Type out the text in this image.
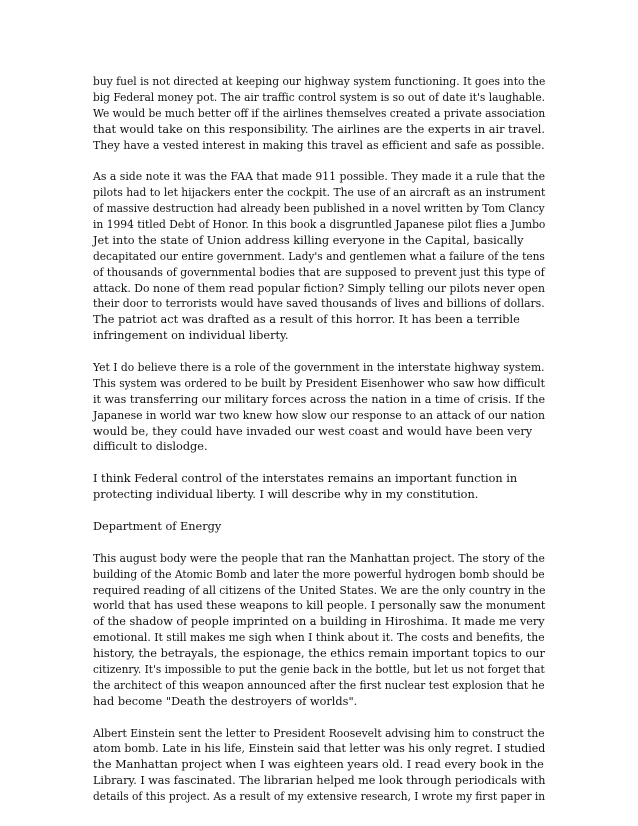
buy fuel is not directed at keeping our highway system functioning. It goes into the
big Federal money pot. The air traffic control system is so out of date it's laughable.
We would be much better off if the airlines themselves created a private association
that would take on this responsibility. The airlines are the experts in air travel.
They have a vested interest in making this travel as efficient and safe as possible.
As a side note it was the FAA that made 911 possible. They made it a rule that the
pilots had to let hijackers enter the cockpit. The use of an aircraft as an instrument
of massive destruction had already been published in a novel written by Tom Clancy
in 1994 titled Debt of Honor. In this book a disgruntled Japanese pilot flies a Jumbo
Jet into the state of Union address killing everyone in the Capital, basically
decapitated our entire government. Lady's and gentlemen what a failure of the tens
of thousands of governmental bodies that are supposed to prevent just this type of
attack. Do none of them read popular fiction? Simply telling our pilots never open
their door to terrorists would have saved thousands of lives and billions of dollars.
The patriot act was drafted as a result of this horror. It has been a terrible
infringement on individual liberty.
Yet I do believe there is a role of the government in the interstate highway system.
This system was ordered to be built by President Eisenhower who saw how difficult
it was transferring our military forces across the nation in a time of crisis. If the
Japanese in world war two knew how slow our response to an attack of our nation
would be, they could have invaded our west coast and would have been very
difficult to dislodge.
I think Federal control of the interstates remains an important function in
protecting individual liberty. I will describe why in my constitution.
Department of Energy
This august body were the people that ran the Manhattan project. The story of the
building of the Atomic Bomb and later the more powerful hydrogen bomb should be
required reading of all citizens of the United States. We are the only country in the
world that has used these weapons to kill people. I personally saw the monument
of the shadow of people imprinted on a building in Hiroshima. It made me very
emotional. It still makes me sigh when I think about it. The costs and benefits, the
history, the betrayals, the espionage, the ethics remain important topics to our
citizenry. It's impossible to put the genie back in the bottle, but let us not forget that
the architect of this weapon announced after the first nuclear test explosion that he
had become "Death the destroyers of worlds".
Albert Einstein sent the letter to President Roosevelt advising him to construct the
atom bomb. Late in his life, Einstein said that letter was his only regret. I studied
the Manhattan project when I was eighteen years old. I read every book in the
Library. I was fascinated. The librarian helped me look through periodicals with
details of this project. As a result of my extensive research, I wrote my first paper in
